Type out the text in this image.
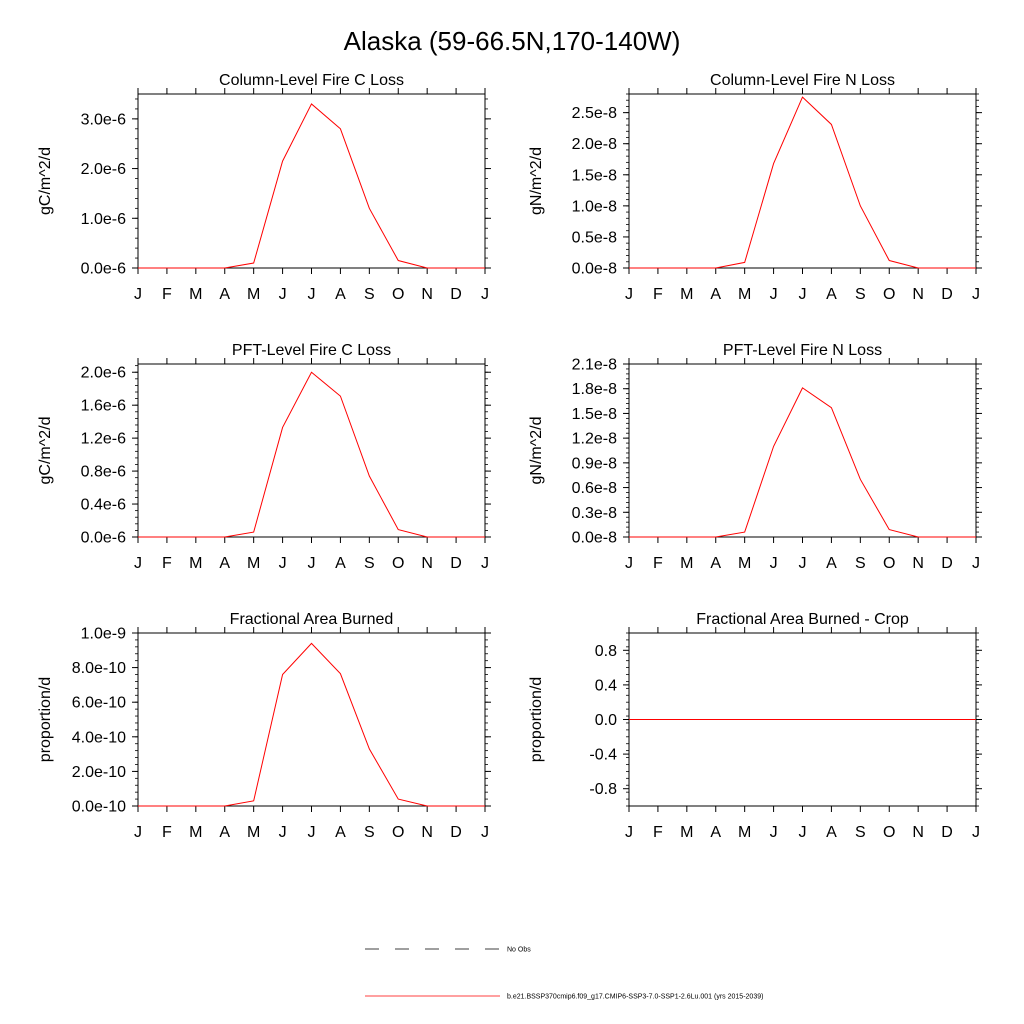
Alaska (59-66.5N,170-140W)
Column-Level Fire C Loss
J F M A M J J A S O N D J
0.0e-6
1.0e-6
2.0e-6
3.0e-6
gC/m^2/d
Column-Level Fire N Loss
J F M A M J J A S O N D J
0.0e-8
0.5e-8
1.0e-8
1.5e-8
2.0e-8
2.5e-8
gN/m^2/d
PFT-Level Fire C Loss
J F M A M J J A S O N D J
0.0e-6
0.4e-6
0.8e-6
1.2e-6
1.6e-6
2.0e-6
gC/m^2/d
PFT-Level Fire N Loss
J F M A M J J A S O N D J
0.0e-8
0.3e-8
0.6e-8
0.9e-8
1.2e-8
1.5e-8
1.8e-8
2.1e-8
gN/m^2/d
Fractional Area Burned
J F M A M J J A S O N D J
0.0e-10
2.0e-10
4.0e-10
6.0e-10
8.0e-10
1.0e-9
proportion/d
Fractional Area Burned - Crop
J F M A M J J A S O N D J
-0.8
-0.4
0.0
0.4
0.8
proportion/d
No Obs
b.e21.BSSP370cmip6.f09_g17.CMIP6-SSP3-7.0-SSP1-2.6Lu.001 (yrs 2015-2039)
